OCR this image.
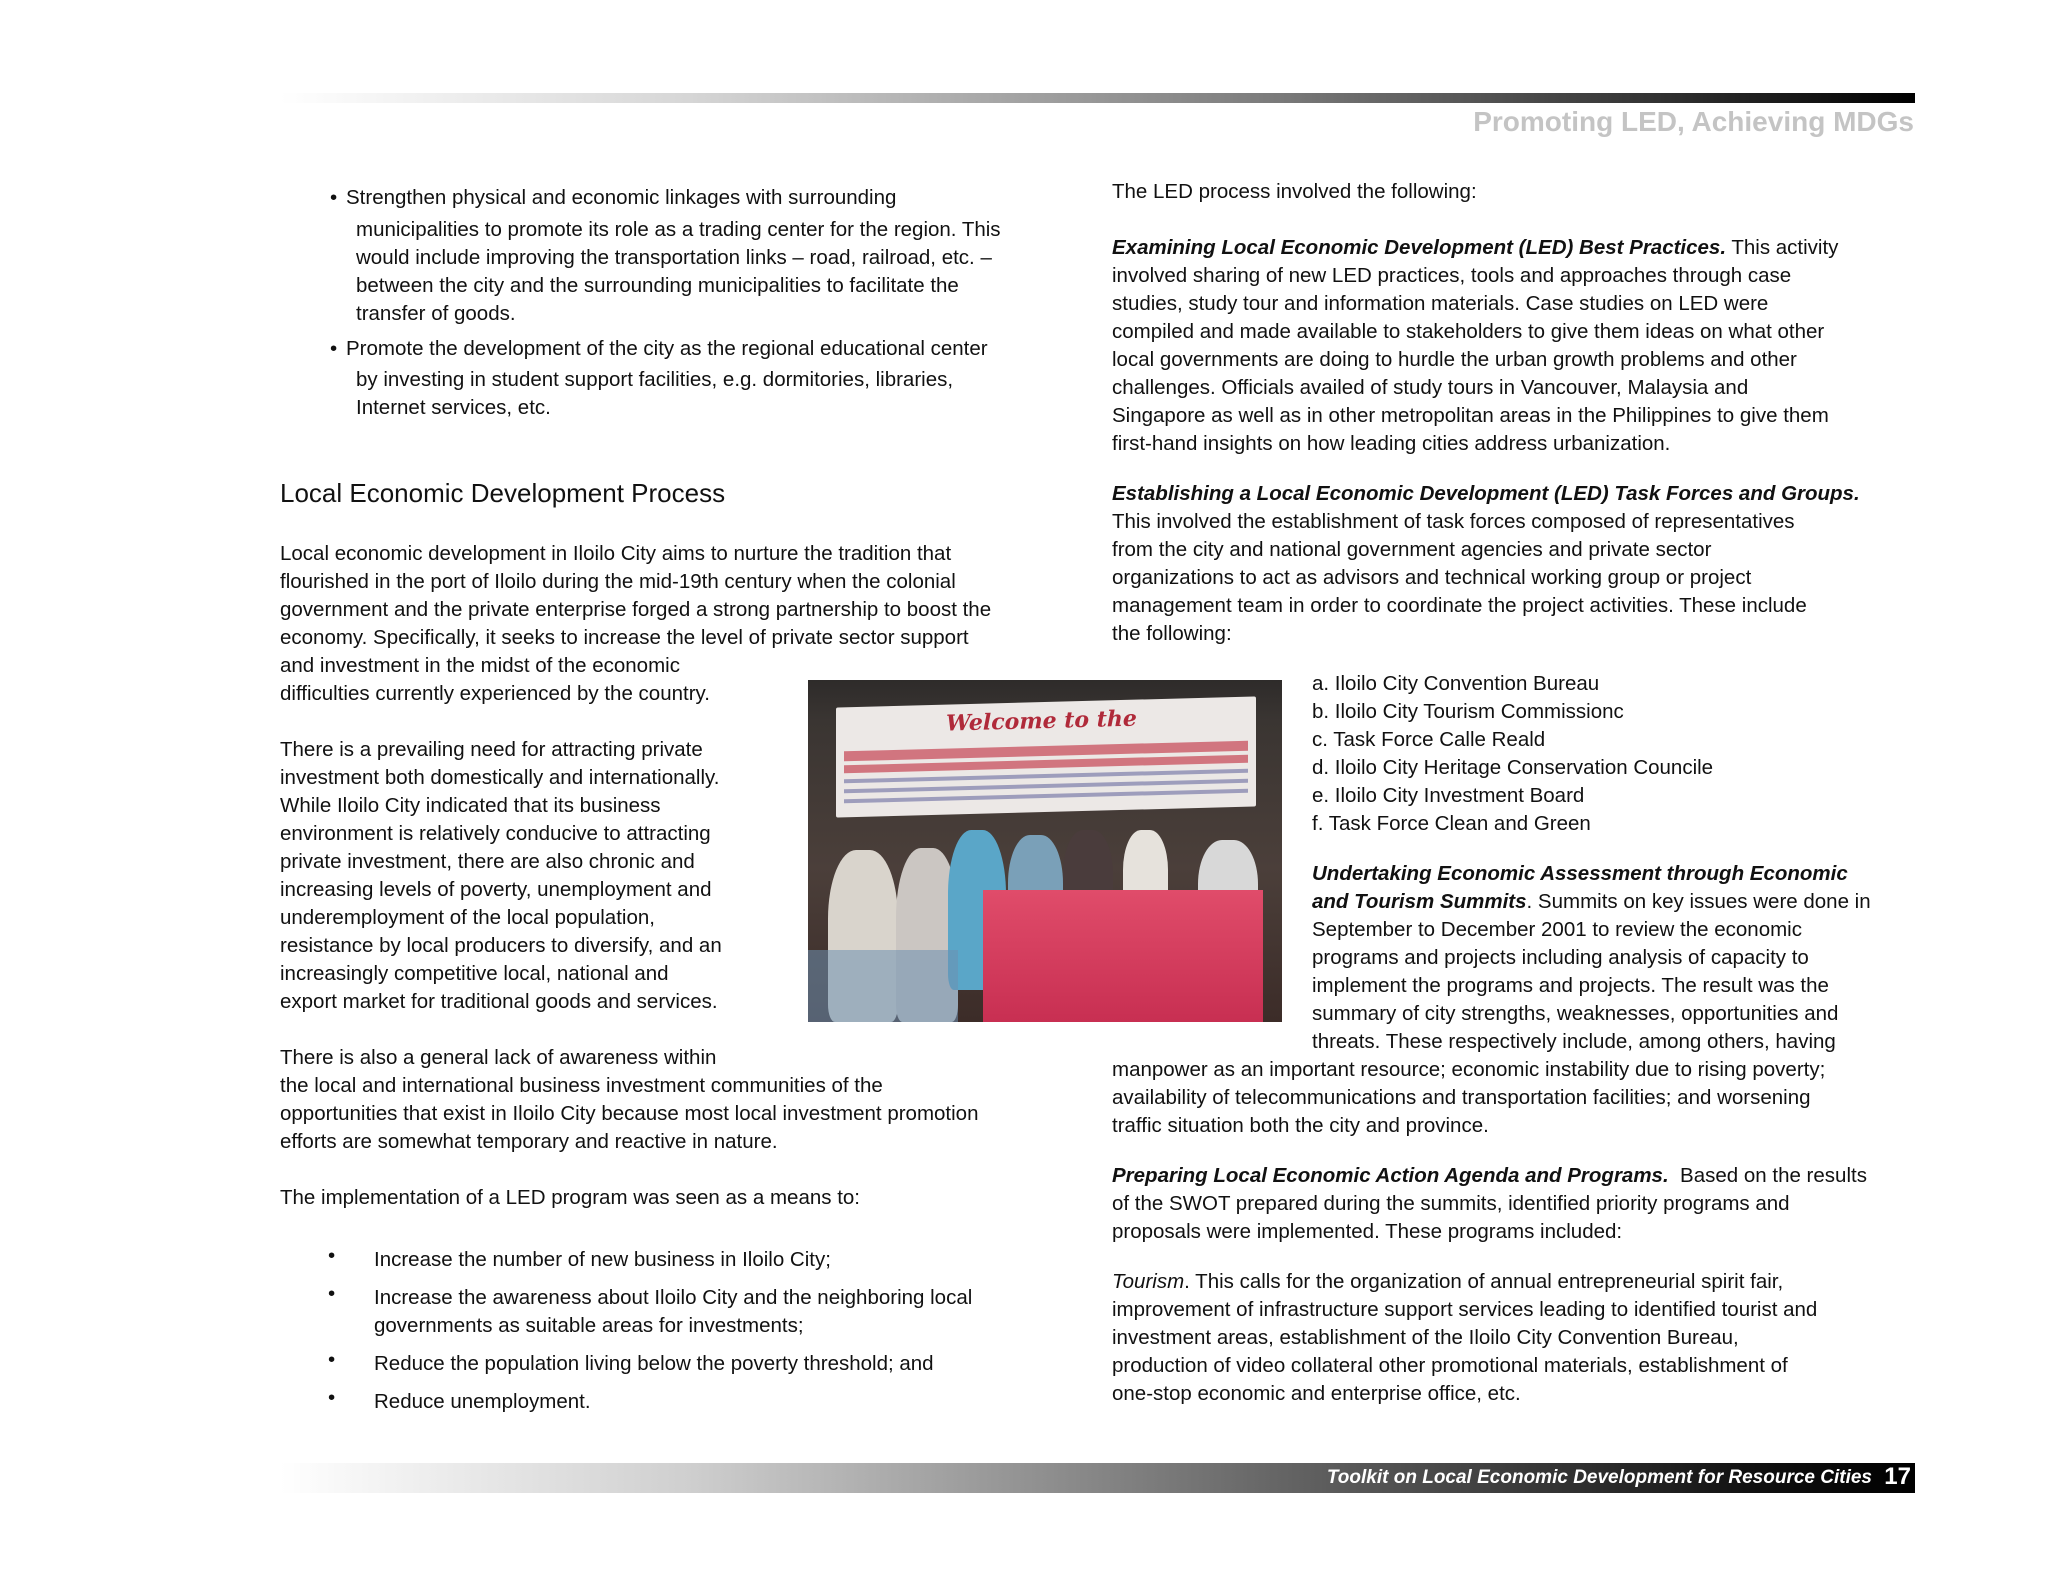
Promoting LED, Achieving MDGs
• Strengthen physical and economic linkages with surrounding
municipalities to promote its role as a trading center for the region. This
would include improving the transportation links – road, railroad, etc. –
between the city and the surrounding municipalities to facilitate the
transfer of goods.
• Promote the development of the city as the regional educational center
by investing in student support facilities, e.g. dormitories, libraries,
Internet services, etc.
Local Economic Development Process
Local economic development in Iloilo City aims to nurture the tradition that
flourished in the port of Iloilo during the mid-19th century when the colonial
government and the private enterprise forged a strong partnership to boost the
economy. Specifically, it seeks to increase the level of private sector support
and investment in the midst of the economic
difficulties currently experienced by the country.
There is a prevailing need for attracting private
investment both domestically and internationally.
While Iloilo City indicated that its business
environment is relatively conducive to attracting
private investment, there are also chronic and
increasing levels of poverty, unemployment and
underemployment of the local population,
resistance by local producers to diversify, and an
increasingly competitive local, national and
export market for traditional goods and services.
There is also a general lack of awareness within
the local and international business investment communities of the
opportunities that exist in Iloilo City because most local investment promotion
efforts are somewhat temporary and reactive in nature.
The implementation of a LED program was seen as a means to:
• Increase the number of new business in Iloilo City;
• Increase the awareness about Iloilo City and the neighboring local
governments as suitable areas for investments;
• Reduce the population living below the poverty threshold; and
• Reduce unemployment.
Welcome to the
The LED process involved the following:
Examining Local Economic Development (LED) Best Practices. This activity
involved sharing of new LED practices, tools and approaches through case
studies, study tour and information materials. Case studies on LED were
compiled and made available to stakeholders to give them ideas on what other
local governments are doing to hurdle the urban growth problems and other
challenges. Officials availed of study tours in Vancouver, Malaysia and
Singapore as well as in other metropolitan areas in the Philippines to give them
first-hand insights on how leading cities address urbanization.
Establishing a Local Economic Development (LED) Task Forces and Groups.
This involved the establishment of task forces composed of representatives
from the city and national government agencies and private sector
organizations to act as advisors and technical working group or project
management team in order to coordinate the project activities. These include
the following:
a. Iloilo City Convention Bureau
b. Iloilo City Tourism Commissionc
c. Task Force Calle Reald
d. Iloilo City Heritage Conservation Councile
e. Iloilo City Investment Board
f. Task Force Clean and Green
Undertaking Economic Assessment through Economic
and Tourism Summits. Summits on key issues were done in
September to December 2001 to review the economic
programs and projects including analysis of capacity to
implement the programs and projects. The result was the
summary of city strengths, weaknesses, opportunities and
threats. These respectively include, among others, having
manpower as an important resource; economic instability due to rising poverty;
availability of telecommunications and transportation facilities; and worsening
traffic situation both the city and province.
Preparing Local Economic Action Agenda and Programs.  Based on the results
of the SWOT prepared during the summits, identified priority programs and
proposals were implemented. These programs included:
Tourism. This calls for the organization of annual entrepreneurial spirit fair,
improvement of infrastructure support services leading to identified tourist and
investment areas, establishment of the Iloilo City Convention Bureau,
production of video collateral other promotional materials, establishment of
one-stop economic and enterprise office, etc.
Toolkit on Local Economic Development for Resource Cities 17
